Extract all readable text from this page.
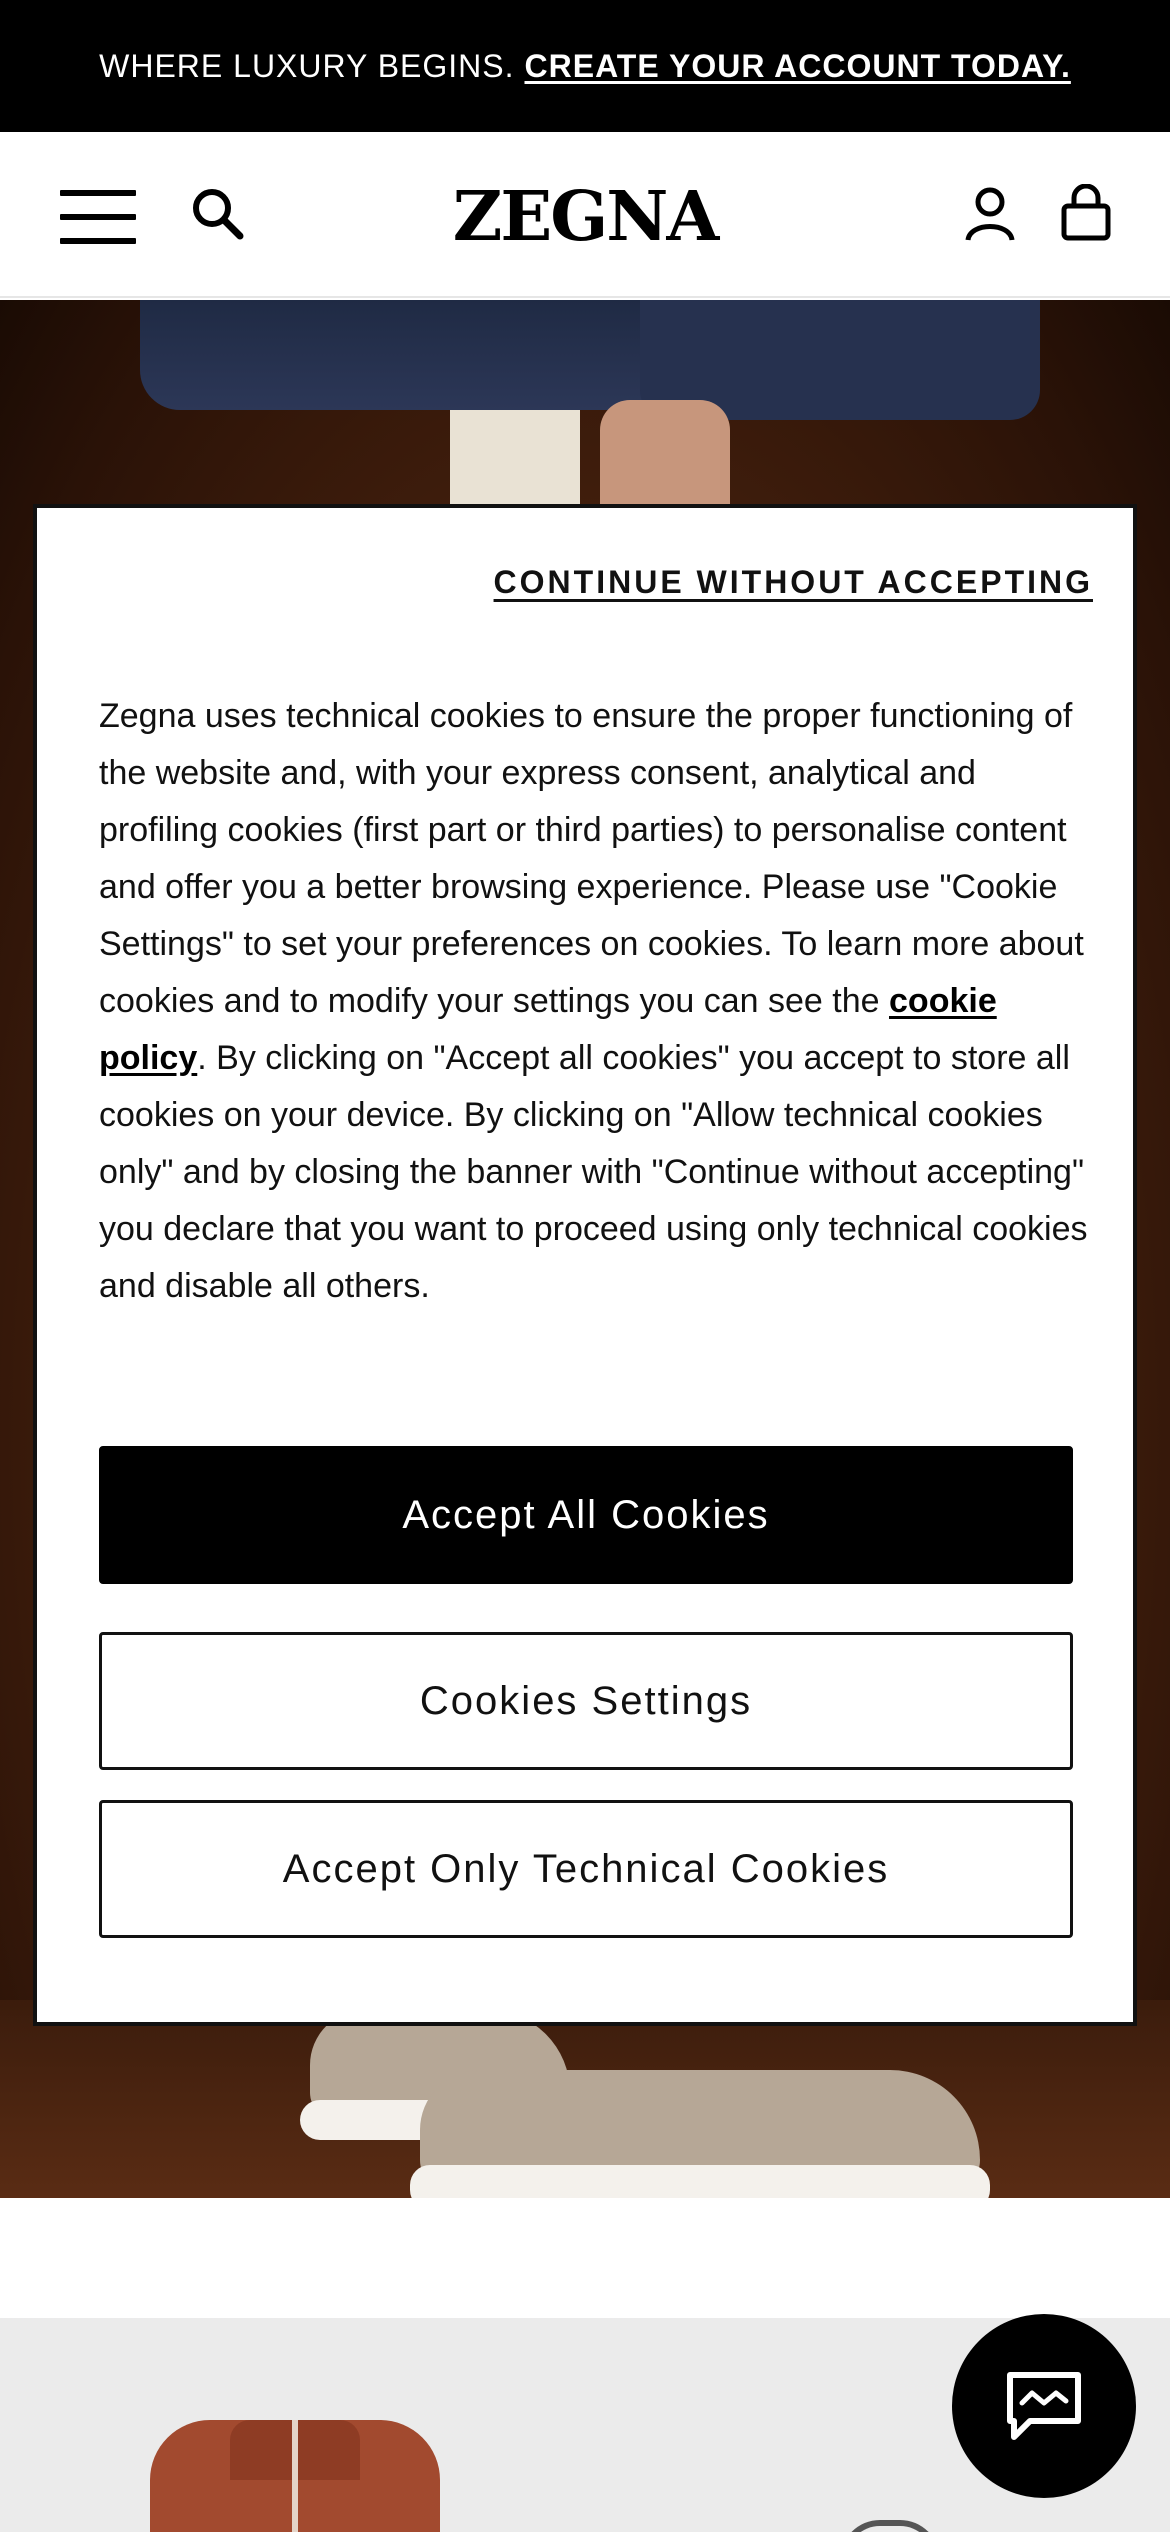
WHERE LUXURY BEGINS. CREATE YOUR ACCOUNT TODAY.
ZEGNA
CONTINUE WITHOUT ACCEPTING

Zegna uses technical cookies to ensure the proper functioning of the website and, with your express consent, analytical and profiling cookies (first part or third parties) to personalise content and offer you a better browsing experience. Please use "Cookie Settings" to set your preferences on cookies. To learn more about cookies and to modify your settings you can see the cookie policy. By clicking on "Accept all cookies" you accept to store all cookies on your device. By clicking on "Allow technical cookies only" and by closing the banner with "Continue without accepting" you declare that you want to proceed using only technical cookies and disable all others.

Accept All Cookies
Cookies Settings
Accept Only Technical Cookies
